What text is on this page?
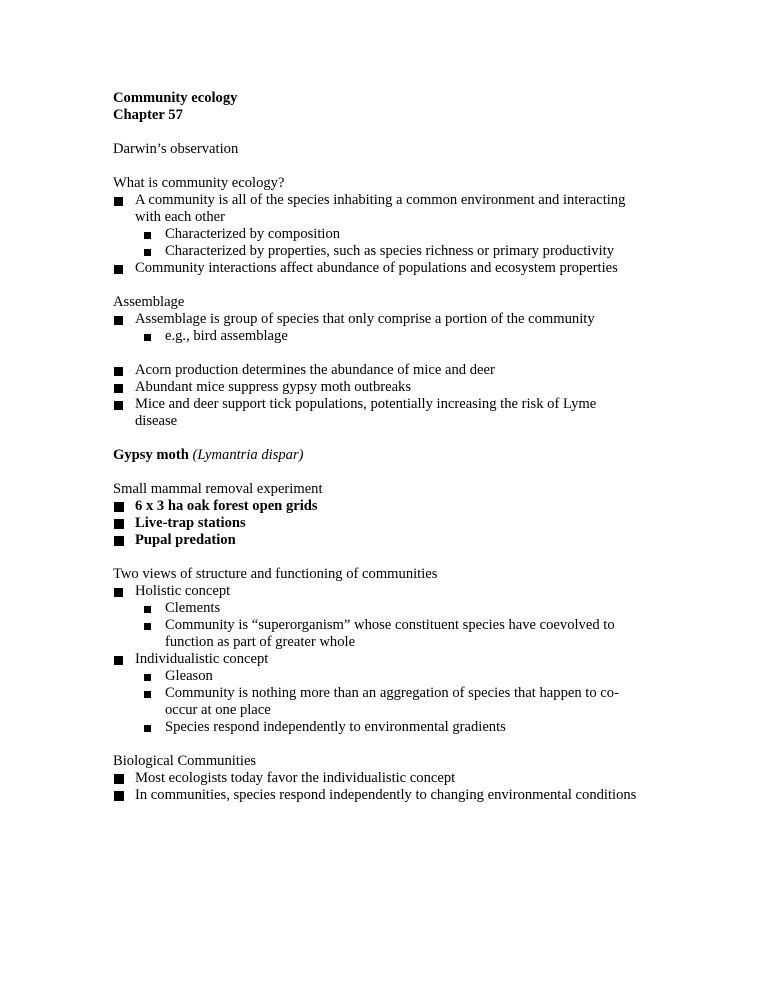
Community ecology
Chapter 57
Darwin’s observation
What is community ecology?
A community is all of the species inhabiting a common environment and interacting
with each other
Characterized by composition
Characterized by properties, such as species richness or primary productivity
Community interactions affect abundance of populations and ecosystem properties
Assemblage
Assemblage is group of species that only comprise a portion of the community
e.g., bird assemblage
Acorn production determines the abundance of mice and deer
Abundant mice suppress gypsy moth outbreaks
Mice and deer support tick populations, potentially increasing the risk of Lyme
disease
Gypsy moth (Lymantria dispar)
Small mammal removal experiment
6 x 3 ha oak forest open grids
Live-trap stations
Pupal predation
Two views of structure and functioning of communities
Holistic concept
Clements
Community is “superorganism” whose constituent species have coevolved to
function as part of greater whole
Individualistic concept
Gleason
Community is nothing more than an aggregation of species that happen to co-
occur at one place
Species respond independently to environmental gradients
Biological Communities
Most ecologists today favor the individualistic concept
In communities, species respond independently to changing environmental conditions
